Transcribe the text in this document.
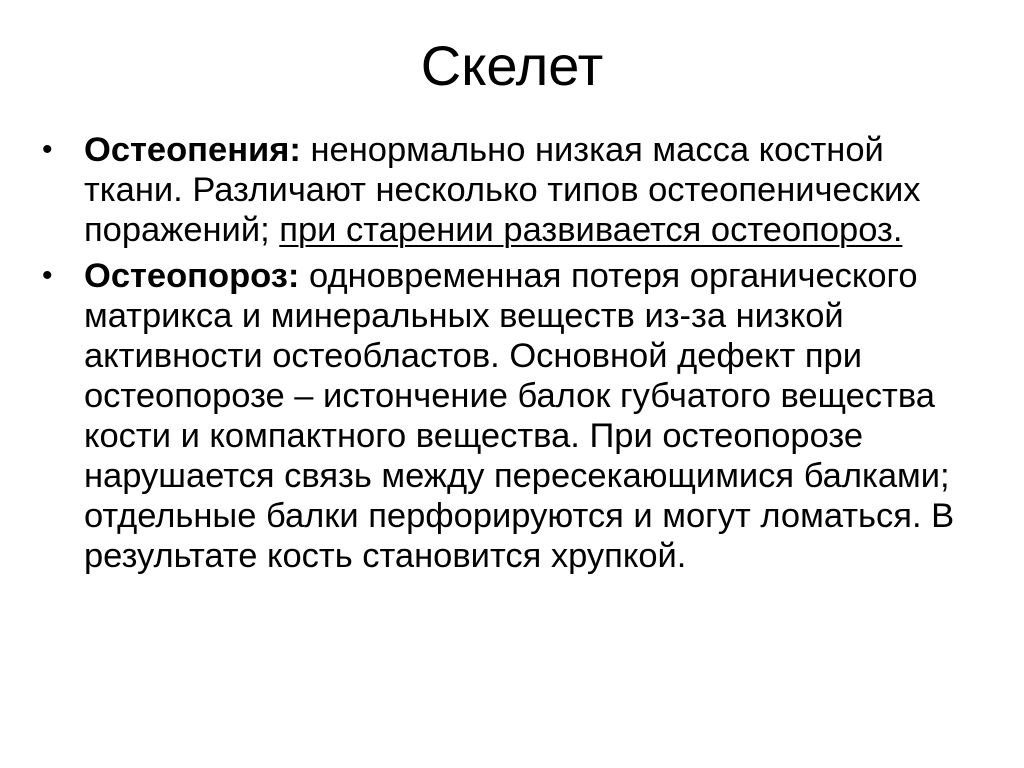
Скелет
• Остеопения: ненормально низкая масса костной ткани. Различают несколько типов остеопенических поражений; при старении развивается остеопороз.
• Остеопороз: одновременная потеря органического матрикса и минеральных веществ из-за низкой активности остеобластов. Основной дефект при остеопорозе – истончение балок губчатого вещества кости и компактного вещества. При остеопорозе нарушается связь между пересекающимися балками; отдельные балки перфорируются и могут ломаться. В результате кость становится хрупкой.
